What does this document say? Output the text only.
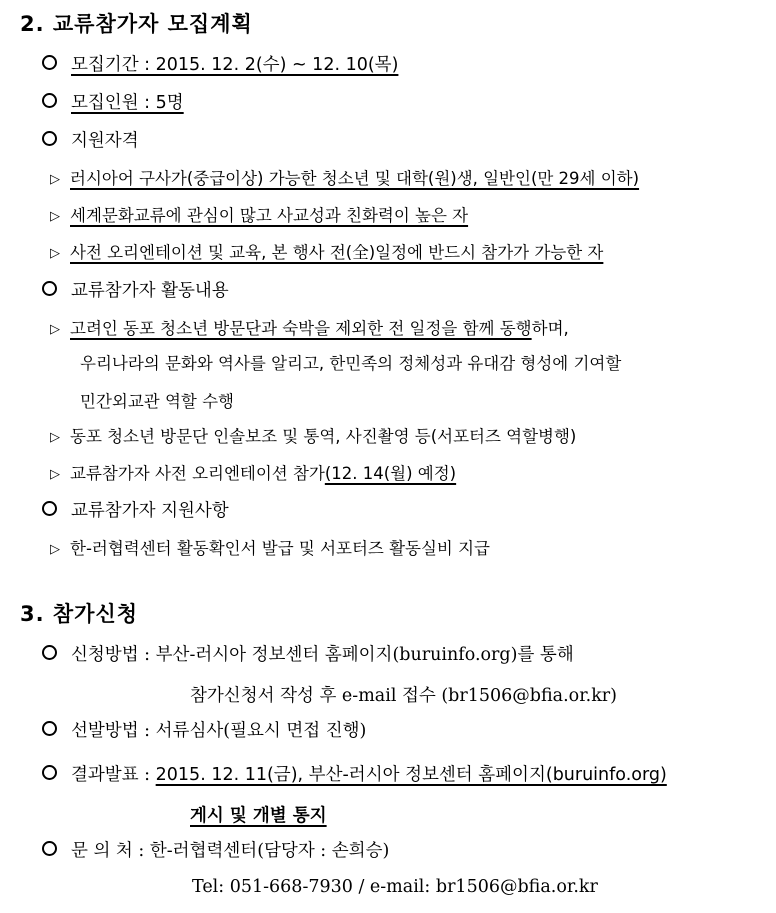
2. 교류참가자 모집계획
모집기간 : 2015. 12. 2(수) ~ 12. 10(목)
모집인원 : 5명
지원자격
▷ 러시아어 구사가(중급이상) 가능한 청소년 및 대학(원)생, 일반인(만 29세 이하)
▷ 세계문화교류에 관심이 많고 사교성과 친화력이 높은 자
▷ 사전 오리엔테이션 및 교육, 본 행사 전(全)일정에 반드시 참가가 가능한 자
교류참가자 활동내용
▷ 고려인 동포 청소년 방문단과 숙박을 제외한 전 일정을 함께 동행하며,
우리나라의 문화와 역사를 알리고, 한민족의 정체성과 유대감 형성에 기여할
민간외교관 역할 수행
▷ 동포 청소년 방문단 인솔보조 및 통역, 사진촬영 등(서포터즈 역할병행)
▷ 교류참가자 사전 오리엔테이션 참가(12. 14(월) 예정)
교류참가자 지원사항
▷ 한-러협력센터 활동확인서 발급 및 서포터즈 활동실비 지급
3. 참가신청
신청방법 : 부산-러시아 정보센터 홈페이지(buruinfo.org)를 통해
참가신청서 작성 후 e-mail 접수 (br1506@bfia.or.kr)
선발방법 : 서류심사(필요시 면접 진행)
결과발표 : 2015. 12. 11(금), 부산-러시아 정보센터 홈페이지(buruinfo.org)
게시 및 개별 통지
문 의 처 : 한-러협력센터(담당자 : 손희승)
Tel: 051-668-7930 / e-mail: br1506@bfia.or.kr
